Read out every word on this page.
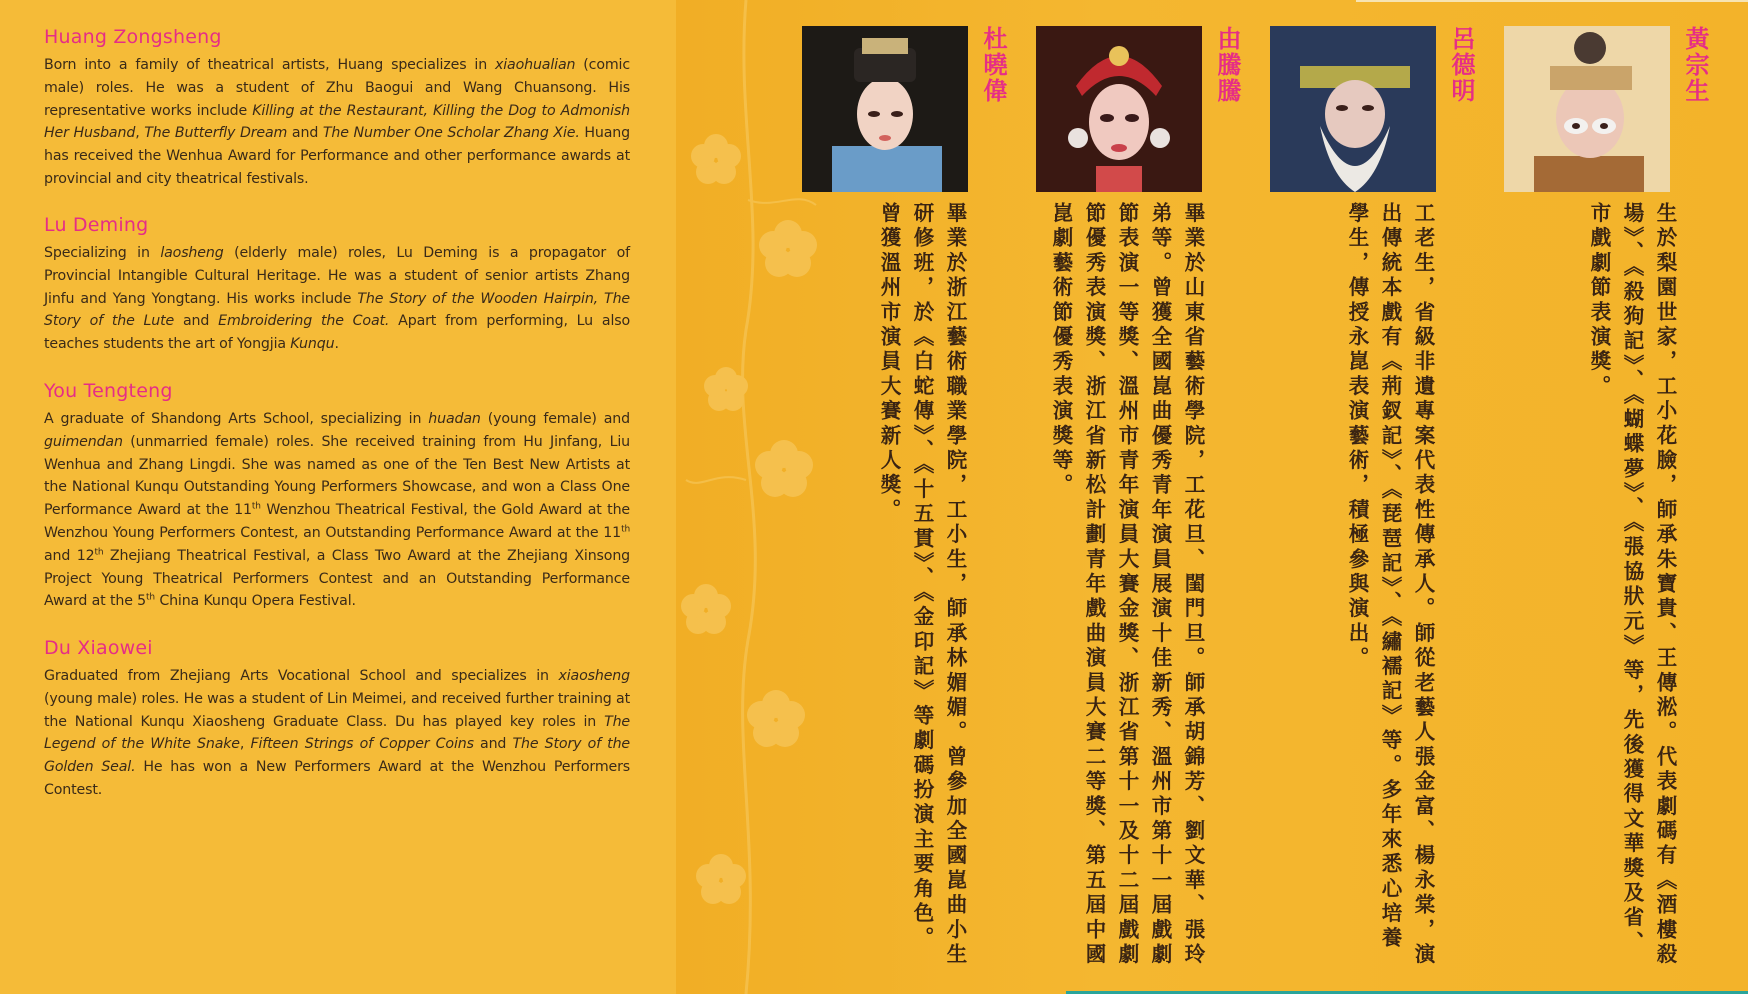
Huang Zongsheng

Born into a family of theatrical artists, Huang specializes in xiaohualian (comic male) roles. He was a student of Zhu Baogui and Wang Chuansong. His representative works include Killing at the Restaurant, Killing the Dog to Admonish Her Husband, The Butterfly Dream and The Number One Scholar Zhang Xie. Huang has received the Wenhua Award for Performance and other performance awards at provincial and city theatrical festivals.

Lu Deming

Specializing in laosheng (elderly male) roles, Lu Deming is a propagator of Provincial Intangible Cultural Heritage. He was a student of senior artists Zhang Jinfu and Yang Yongtang. His works include The Story of the Wooden Hairpin, The Story of the Lute and Embroidering the Coat. Apart from performing, Lu also teaches students the art of Yongjia Kunqu.

You Tengteng

A graduate of Shandong Arts School, specializing in huadan (young female) and guimendan (unmarried female) roles. She received training from Hu Jinfang, Liu Wenhua and Zhang Lingdi. She was named as one of the Ten Best New Artists at the National Kunqu Outstanding Young Performers Showcase, and won a Class One Performance Award at the 11th Wenzhou Theatrical Festival, the Gold Award at the Wenzhou Young Performers Contest, an Outstanding Performance Award at the 11th and 12th Zhejiang Theatrical Festival, a Class Two Award at the Zhejiang Xinsong Project Young Theatrical Performers Contest and an Outstanding Performance Award at the 5th China Kunqu Opera Festival.

Du Xiaowei

Graduated from Zhejiang Arts Vocational School and specializes in xiaosheng (young male) roles. He was a student of Lin Meimei, and received further training at the National Kunqu Xiaosheng Graduate Class. Du has played key roles in The Legend of the White Snake, Fifteen Strings of Copper Coins and The Story of the Golden Seal. He has won a New Performers Award at the Wenzhou Performers Contest.

杜曉偉
畢業於浙江藝術職業學院，工小生，師承林媚媚。曾參加全國崑曲小生研修班，於《白蛇傳》、《十五貫》、《金印記》等劇碼扮演主要角色。曾獲溫州市演員大賽新人獎。
由騰騰
畢業於山東省藝術學院，工花旦、閨門旦。師承胡錦芳、劉文華、張玲弟等。曾獲全國崑曲優秀青年演員展演十佳新秀、溫州市第十一屆戲劇節表演一等獎、溫州市青年演員大賽金獎、浙江省第十一及十二屆戲劇節優秀表演獎、浙江省新松計劃青年戲曲演員大賽二等獎、第五屆中國崑劇藝術節優秀表演獎等。
呂德明
工老生，省級非遺專案代表性傳承人。師從老藝人張金富、楊永棠，演出傳統本戲有《荊釵記》、《琵琶記》、《繡襦記》等。多年來悉心培養學生，傳授永崑表演藝術，積極參與演出。
黃宗生
生於梨園世家，工小花臉，師承朱寶貴、王傳淞。代表劇碼有《酒樓殺場》、《殺狗記》、《蝴蝶夢》、《張協狀元》等，先後獲得文華獎及省、市戲劇節表演獎。
